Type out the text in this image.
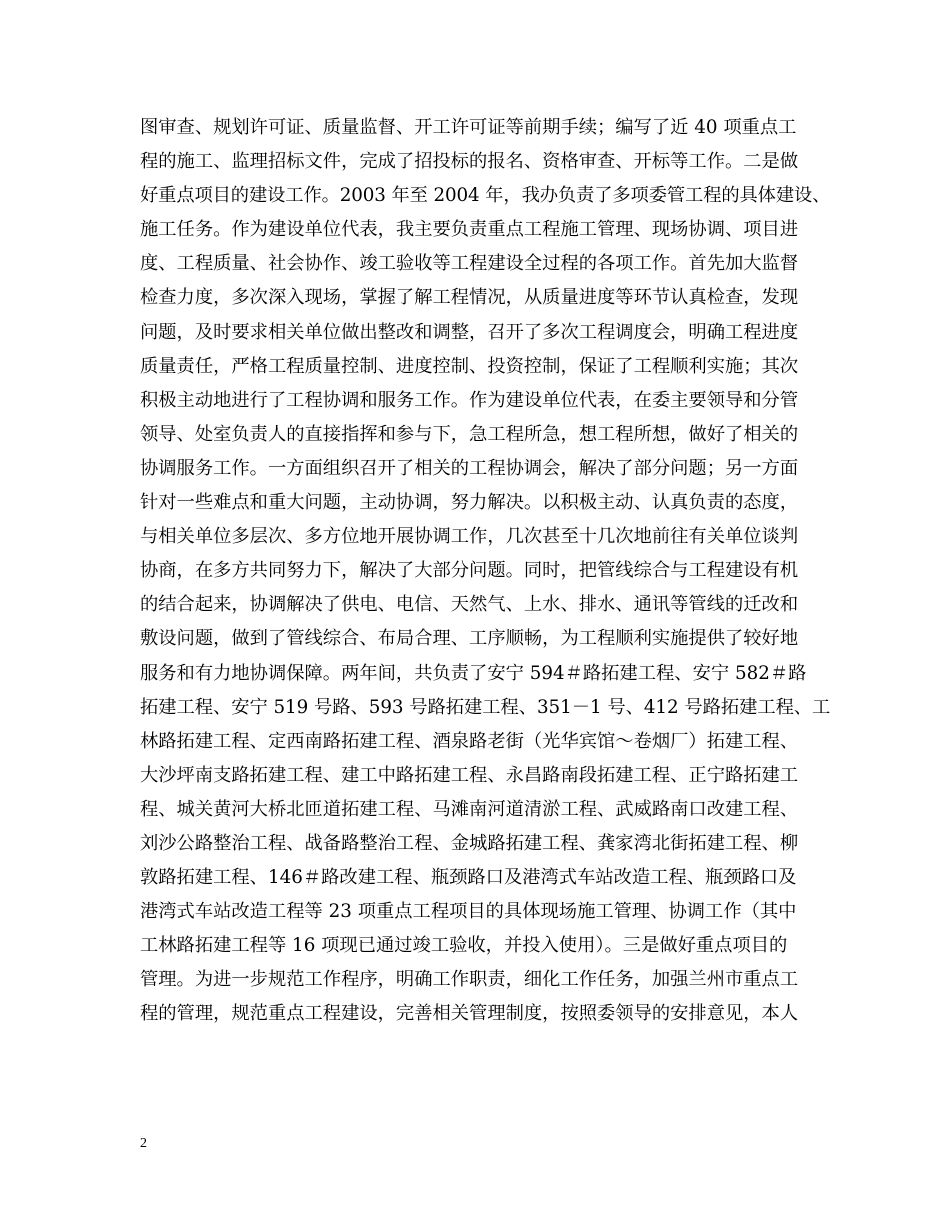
图审查、规划许可证、质量监督、开工许可证等前期手续；编写了近 40 项重点工
程的施工、监理招标文件，完成了招投标的报名、资格审查、开标等工作。二是做
好重点项目的建设工作。2003 年至 2004 年，我办负责了多项委管工程的具体建设、
施工任务。作为建设单位代表，我主要负责重点工程施工管理、现场协调、项目进
度、工程质量、社会协作、竣工验收等工程建设全过程的各项工作。首先加大监督
检查力度，多次深入现场，掌握了解工程情况，从质量进度等环节认真检查，发现
问题，及时要求相关单位做出整改和调整，召开了多次工程调度会，明确工程进度
质量责任，严格工程质量控制、进度控制、投资控制，保证了工程顺利实施；其次
积极主动地进行了工程协调和服务工作。作为建设单位代表，在委主要领导和分管
领导、处室负责人的直接指挥和参与下，急工程所急，想工程所想，做好了相关的
协调服务工作。一方面组织召开了相关的工程协调会，解决了部分问题；另一方面
针对一些难点和重大问题，主动协调，努力解决。以积极主动、认真负责的态度，
与相关单位多层次、多方位地开展协调工作，几次甚至十几次地前往有关单位谈判
协商，在多方共同努力下，解决了大部分问题。同时，把管线综合与工程建设有机
的结合起来，协调解决了供电、电信、天然气、上水、排水、通讯等管线的迁改和
敷设问题，做到了管线综合、布局合理、工序顺畅，为工程顺利实施提供了较好地
服务和有力地协调保障。两年间，共负责了安宁 594＃路拓建工程、安宁 582＃路
拓建工程、安宁 519 号路、593 号路拓建工程、351－1 号、412 号路拓建工程、工
林路拓建工程、定西南路拓建工程、酒泉路老街（光华宾馆～卷烟厂）拓建工程、
大沙坪南支路拓建工程、建工中路拓建工程、永昌路南段拓建工程、正宁路拓建工
程、城关黄河大桥北匝道拓建工程、马滩南河道清淤工程、武威路南口改建工程、
刘沙公路整治工程、战备路整治工程、金城路拓建工程、龚家湾北街拓建工程、柳
敦路拓建工程、146＃路改建工程、瓶颈路口及港湾式车站改造工程、瓶颈路口及
港湾式车站改造工程等 23 项重点工程项目的具体现场施工管理、协调工作（其中
工林路拓建工程等 16 项现已通过竣工验收，并投入使用）。三是做好重点项目的
管理。为进一步规范工作程序，明确工作职责，细化工作任务，加强兰州市重点工
程的管理，规范重点工程建设，完善相关管理制度，按照委领导的安排意见，本人
2
